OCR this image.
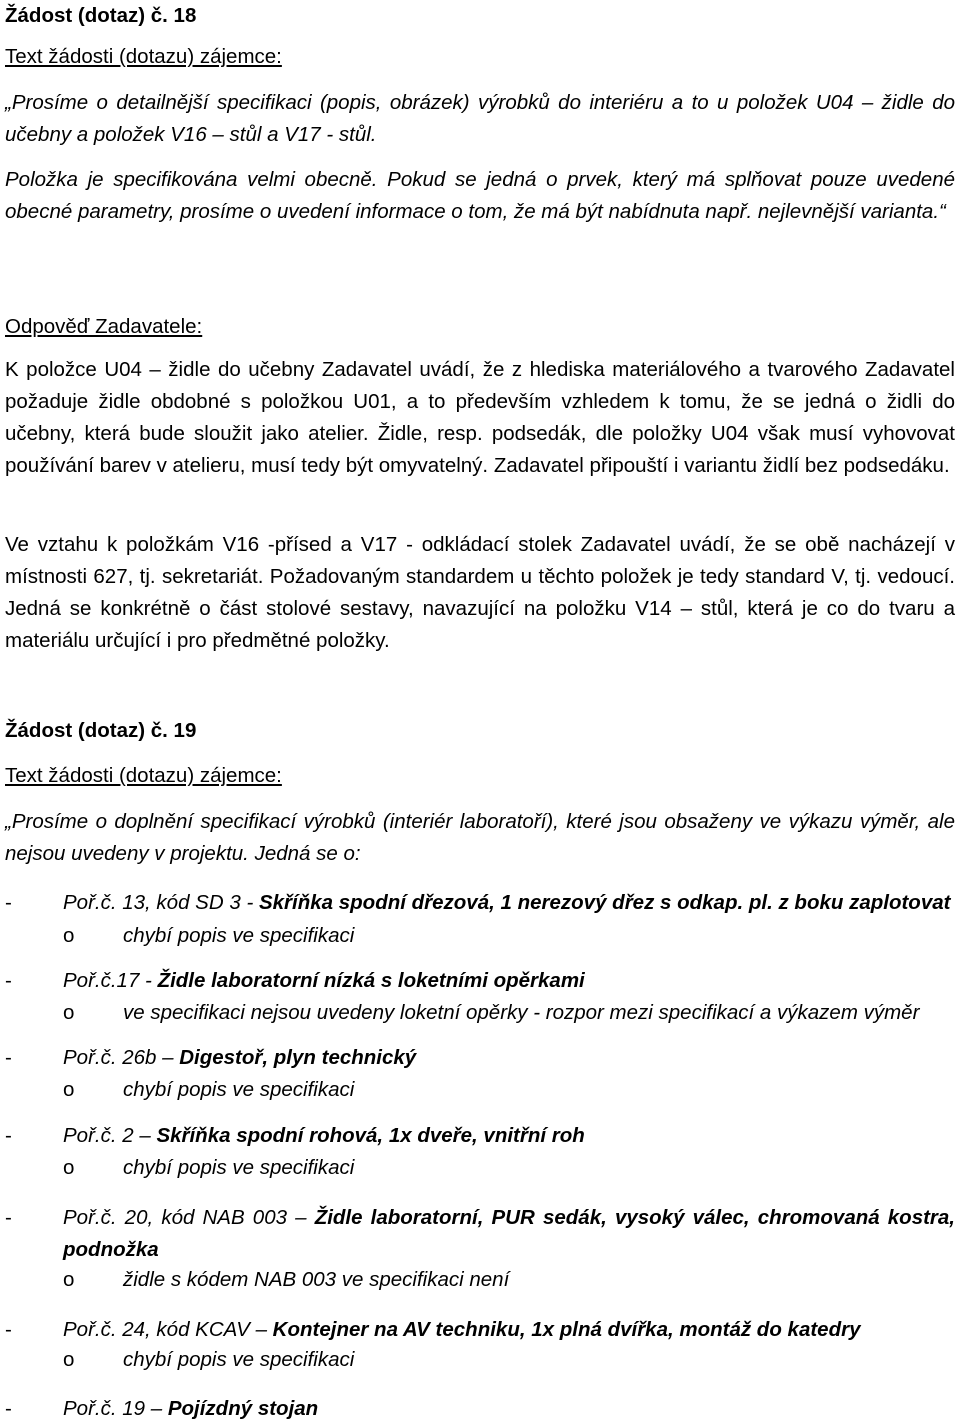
Žádost (dotaz) č. 18

Text žádosti (dotazu) zájemce:

„Prosíme o detailnější specifikaci (popis, obrázek) výrobků do interiéru a to u položek U04 – židle do učebny a položek V16 – stůl a V17 - stůl.

Položka je specifikována velmi obecně. Pokud se jedná o prvek, který má splňovat pouze uvedené obecné parametry, prosíme o uvedení informace o tom, že má být nabídnuta např. nejlevnější varianta.“

Odpověď Zadavatele:

K položce U04 – židle do učebny Zadavatel uvádí, že z hlediska materiálového a tvarového Zadavatel požaduje židle obdobné s položkou U01, a to především vzhledem k tomu, že se jedná o židli do učebny, která bude sloužit jako atelier. Židle, resp. podsedák, dle položky U04 však musí vyhovovat používání barev v atelieru, musí tedy být omyvatelný. Zadavatel připouští i variantu židlí bez podsedáku.

Ve vztahu k položkám V16 -přísed a V17 - odkládací stolek Zadavatel uvádí, že se obě nacházejí v místnosti 627, tj. sekretariát. Požadovaným standardem u těchto položek je tedy standard V, tj. vedoucí. Jedná se konkrétně o část stolové sestavy, navazující na položku V14 – stůl, která je co do tvaru a materiálu určující i pro předmětné položky.

Žádost (dotaz) č. 19

Text žádosti (dotazu) zájemce:

„Prosíme o doplnění specifikací výrobků (interiér laboratoří), které jsou obsaženy ve výkazu výměr, ale nejsou uvedeny v projektu. Jedná se o:

- Poř.č. 13, kód SD 3 - Skříňka spodní dřezová, 1 nerezový dřez s odkap. pl. z boku zaplotovat
o chybí popis ve specifikaci
- Poř.č.17 - Židle laboratorní nízká s loketními opěrkami
o ve specifikaci nejsou uvedeny loketní opěrky - rozpor mezi specifikací a výkazem výměr
- Poř.č. 26b – Digestoř, plyn technický
o chybí popis ve specifikaci
- Poř.č. 2 – Skříňka spodní rohová, 1x dveře, vnitřní roh
o chybí popis ve specifikaci
- Poř.č. 20, kód NAB 003 – Židle laboratorní, PUR sedák, vysoký válec, chromovaná kostra, podnožka
o židle s kódem NAB 003 ve specifikaci není
- Poř.č. 24, kód KCAV – Kontejner na AV techniku, 1x plná dvířka, montáž do katedry
o chybí popis ve specifikaci
- Poř.č. 19 – Pojízdný stojan
